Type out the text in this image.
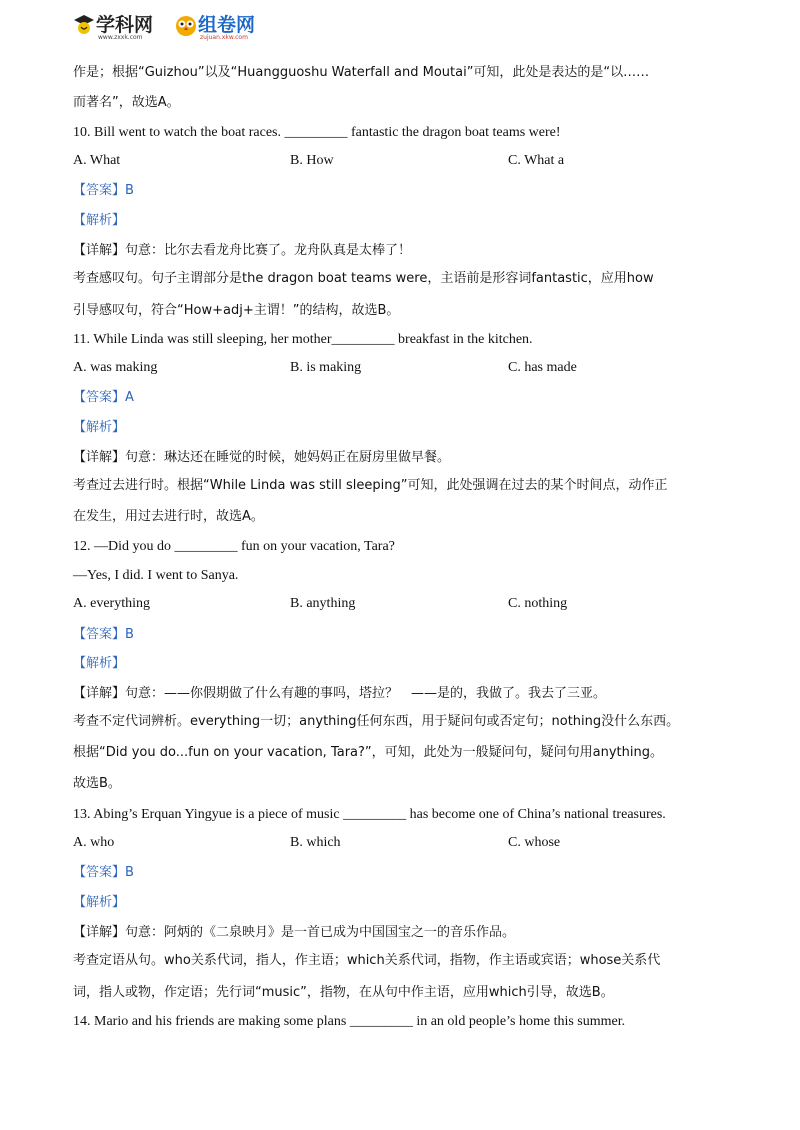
学科网
www.zxxk.com
组卷网
zujuan.xkw.com
作是；根据“Guizhou”以及“Huangguoshu Waterfall and Moutai”可知，此处是表达的是“以……
而著名”，故选A。
10. Bill went to watch the boat races. _________ fantastic the dragon boat teams were!
A. What	B. How	C. What a
【答案】B
【解析】
【详解】句意：比尔去看龙舟比赛了。龙舟队真是太棒了！
考查感叹句。句子主谓部分是the dragon boat teams were，主语前是形容词fantastic，应用how
引导感叹句，符合“How+adj+主谓！”的结构，故选B。
11. While Linda was still sleeping, her mother_________ breakfast in the kitchen.
A. was making	B. is making	C. has made
【答案】A
【解析】
【详解】句意：琳达还在睡觉的时候，她妈妈正在厨房里做早餐。
考查过去进行时。根据“While Linda was still sleeping”可知，此处强调在过去的某个时间点，动作正
在发生，用过去进行时，故选A。
12. —Did you do _________ fun on your vacation, Tara?
—Yes, I did. I went to Sanya.
A. everything	B. anything	C. nothing
【答案】B
【解析】
【详解】句意：——你假期做了什么有趣的事吗，塔拉？　——是的，我做了。我去了三亚。
考查不定代词辨析。everything一切；anything任何东西，用于疑问句或否定句；nothing没什么东西。
根据“Did you do...fun on your vacation, Tara?”，可知，此处为一般疑问句，疑问句用anything。
故选B。
13. Abing’s Erquan Yingyue is a piece of music _________ has become one of China’s national treasures.
A. who	B. which	C. whose
【答案】B
【解析】
【详解】句意：阿炳的《二泉映月》是一首已成为中国国宝之一的音乐作品。
考查定语从句。who关系代词，指人，作主语；which关系代词，指物，作主语或宾语；whose关系代
词，指人或物，作定语；先行词“music”，指物，在从句中作主语，应用which引导，故选B。
14. Mario and his friends are making some plans _________ in an old people’s home this summer.
